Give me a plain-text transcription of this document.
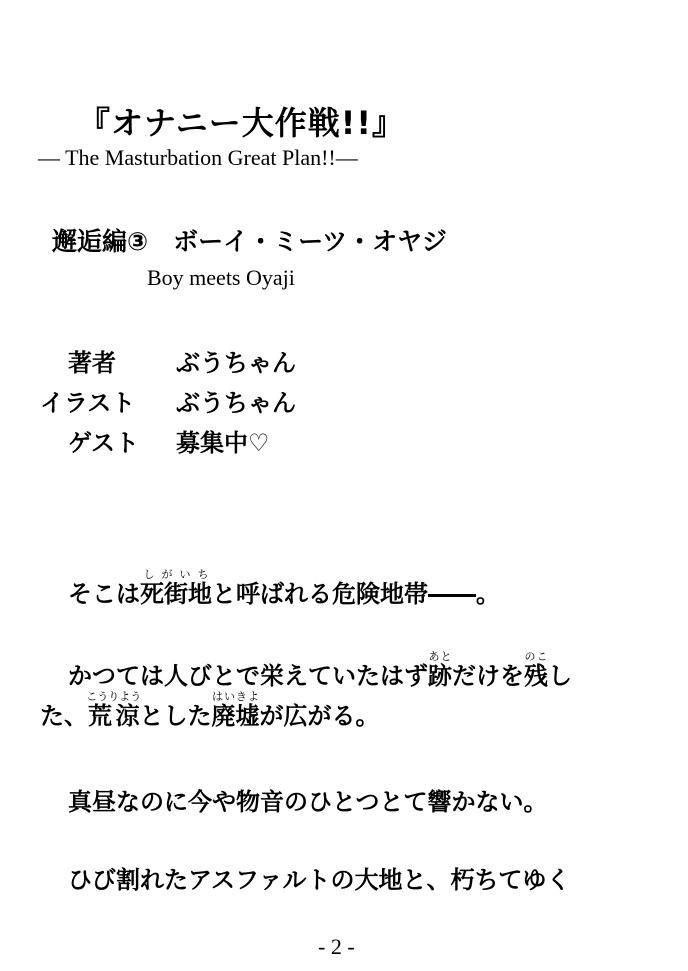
『オナニー大作戦!!』
― The Masturbation Great Plan!!―
邂逅編③　ボーイ・ミーツ・オヤジ
Boy meets Oyaji
著者	ぶうちゃん
イラスト ぶうちゃん
ゲスト 募集中♡
そこは死街地しがいちと呼ばれる危険地帯――。
かつては人びとで栄えていたはず跡あとだけを残のこし
た、荒涼こうりようとした廃墟はいきよが広がる。
真昼なのに今や物音のひとつとて響かない。
ひび割れたアスファルトの大地と、朽ちてゆく
- 2 -
